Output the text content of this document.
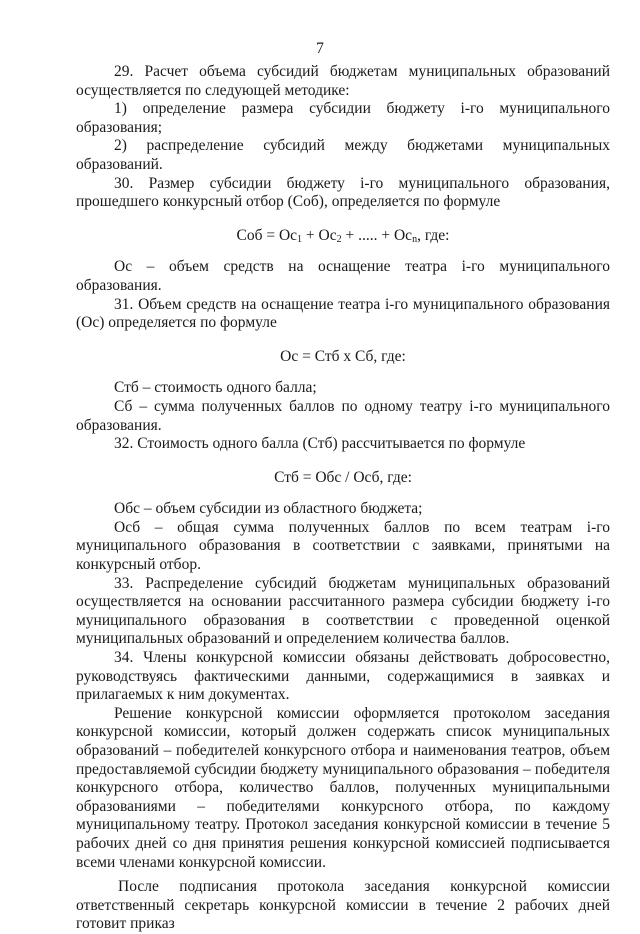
7

29. Расчет объема субсидий бюджетам муниципальных образований осуществляется по следующей методике:

1) определение размера субсидии бюджету i-го муниципального образования;

2) распределение субсидий между бюджетами муниципальных образований.

30. Размер субсидии бюджету i-го муниципального образования, прошедшего конкурсный отбор (Соб), определяется по формуле

Соб = $Ос_1 + Ос_2$ + ..... + $Ос_n$, где:

Ос – объем средств на оснащение театра i-го муниципального образования.

31. Объем средств на оснащение театра i-го муниципального образования (Ос) определяется по формуле

Ос = Стб х Сб, где:

Стб – стоимость одного балла;

Сб – сумма полученных баллов по одному театру i-го муниципального образования.

32. Стоимость одного балла (Стб) рассчитывается по формуле

Стб = Обс / Осб, где:

Обс – объем субсидии из областного бюджета;

Осб – общая сумма полученных баллов по всем театрам i-го муниципального образования в соответствии с заявками, принятыми на конкурсный отбор.

33. Распределение субсидий бюджетам муниципальных образований осуществляется на основании рассчитанного размера субсидии бюджету i-го муниципального образования в соответствии с проведенной оценкой муниципальных образований и определением количества баллов.

34. Члены конкурсной комиссии обязаны действовать добросовестно, руководствуясь фактическими данными, содержащимися в заявках и прилагаемых к ним документах.

Решение конкурсной комиссии оформляется протоколом заседания конкурсной комиссии, который должен содержать список муниципальных образований – победителей конкурсного отбора и наименования театров, объем предоставляемой субсидии бюджету муниципального образования – победителя конкурсного отбора, количество баллов, полученных муниципальными образованиями – победителями конкурсного отбора, по каждому муниципальному театру. Протокол заседания конкурсной комиссии в течение 5 рабочих дней со дня принятия решения конкурсной комиссией подписывается всеми членами конкурсной комиссии.

После подписания протокола заседания конкурсной комиссии ответственный секретарь конкурсной комиссии в течение 2 рабочих дней готовит приказ
